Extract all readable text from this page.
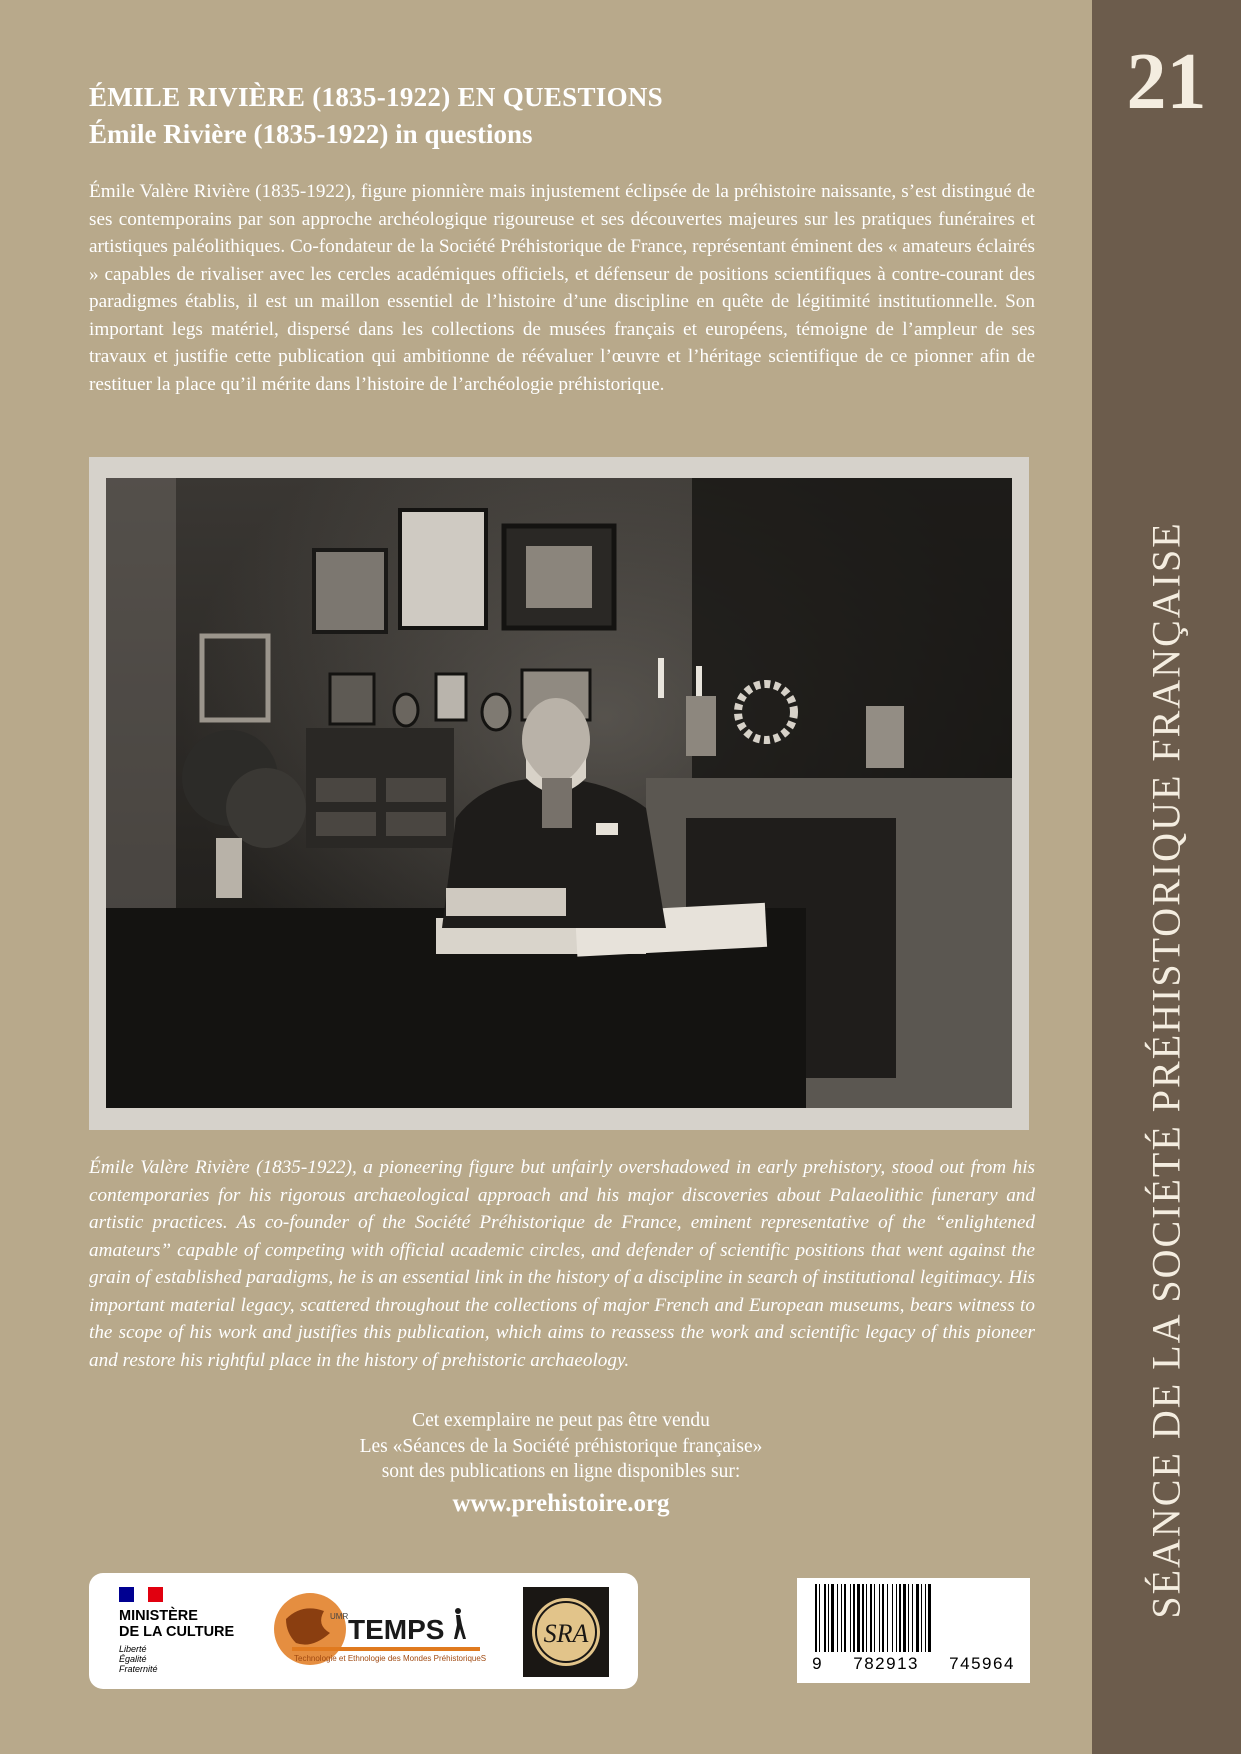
21
SÉANCE DE LA SOCIÉTÉ PRÉHISTORIQUE FRANÇAISE
ÉMILE RIVIÈRE (1835-1922) EN QUESTIONS
Émile Rivière (1835-1922) in questions

Émile Valère Rivière (1835-1922), figure pionnière mais injustement éclipsée de la préhistoire naissante, s’est distingué de ses contemporains par son approche archéologique rigoureuse et ses découvertes majeures sur les pratiques funéraires et artistiques paléolithiques. Co-fondateur de la Société Préhistorique de France, représentant éminent des « amateurs éclairés » capables de rivaliser avec les cercles académiques officiels, et défenseur de positions scientifiques à contre-courant des paradigmes établis, il est un maillon essentiel de l’histoire d’une discipline en quête de légitimité institutionnelle. Son important legs matériel, dispersé dans les collections de musées français et européens, témoigne de l’ampleur de ses travaux et justifie cette publication qui ambitionne de réévaluer l’œuvre et l’héritage scientifique de ce pionner afin de restituer la place qu’il mérite dans l’histoire de l’archéologie préhistorique.

Émile Valère Rivière (1835-1922), a pioneering figure but unfairly overshadowed in early prehistory, stood out from his contemporaries for his rigorous archaeological approach and his major discoveries about Palaeolithic funerary and artistic practices. As co-founder of the Société Préhistorique de France, eminent representative of the “enlightened amateurs” capable of competing with official academic circles, and defender of scientific positions that went against the grain of established paradigms, he is an essential link in the history of a discipline in search of institutional legitimacy. His important material legacy, scattered throughout the collections of major French and European museums, bears witness to the scope of his work and justifies this publication, which aims to reassess the work and scientific legacy of this pioneer and restore his rightful place in the history of prehistoric archaeology.

Cet exemplaire ne peut pas être vendu
Les «Séances de la Société préhistorique française»
sont des publications en ligne disponibles sur:
www.prehistoire.org
MINISTÈRE
DE LA CULTURE
Liberté
Égalité
Fraternité
UMR TEMPS
Technologie et Ethnologie des Mondes PréhistoriqueS
SRA
9 782913 745964
